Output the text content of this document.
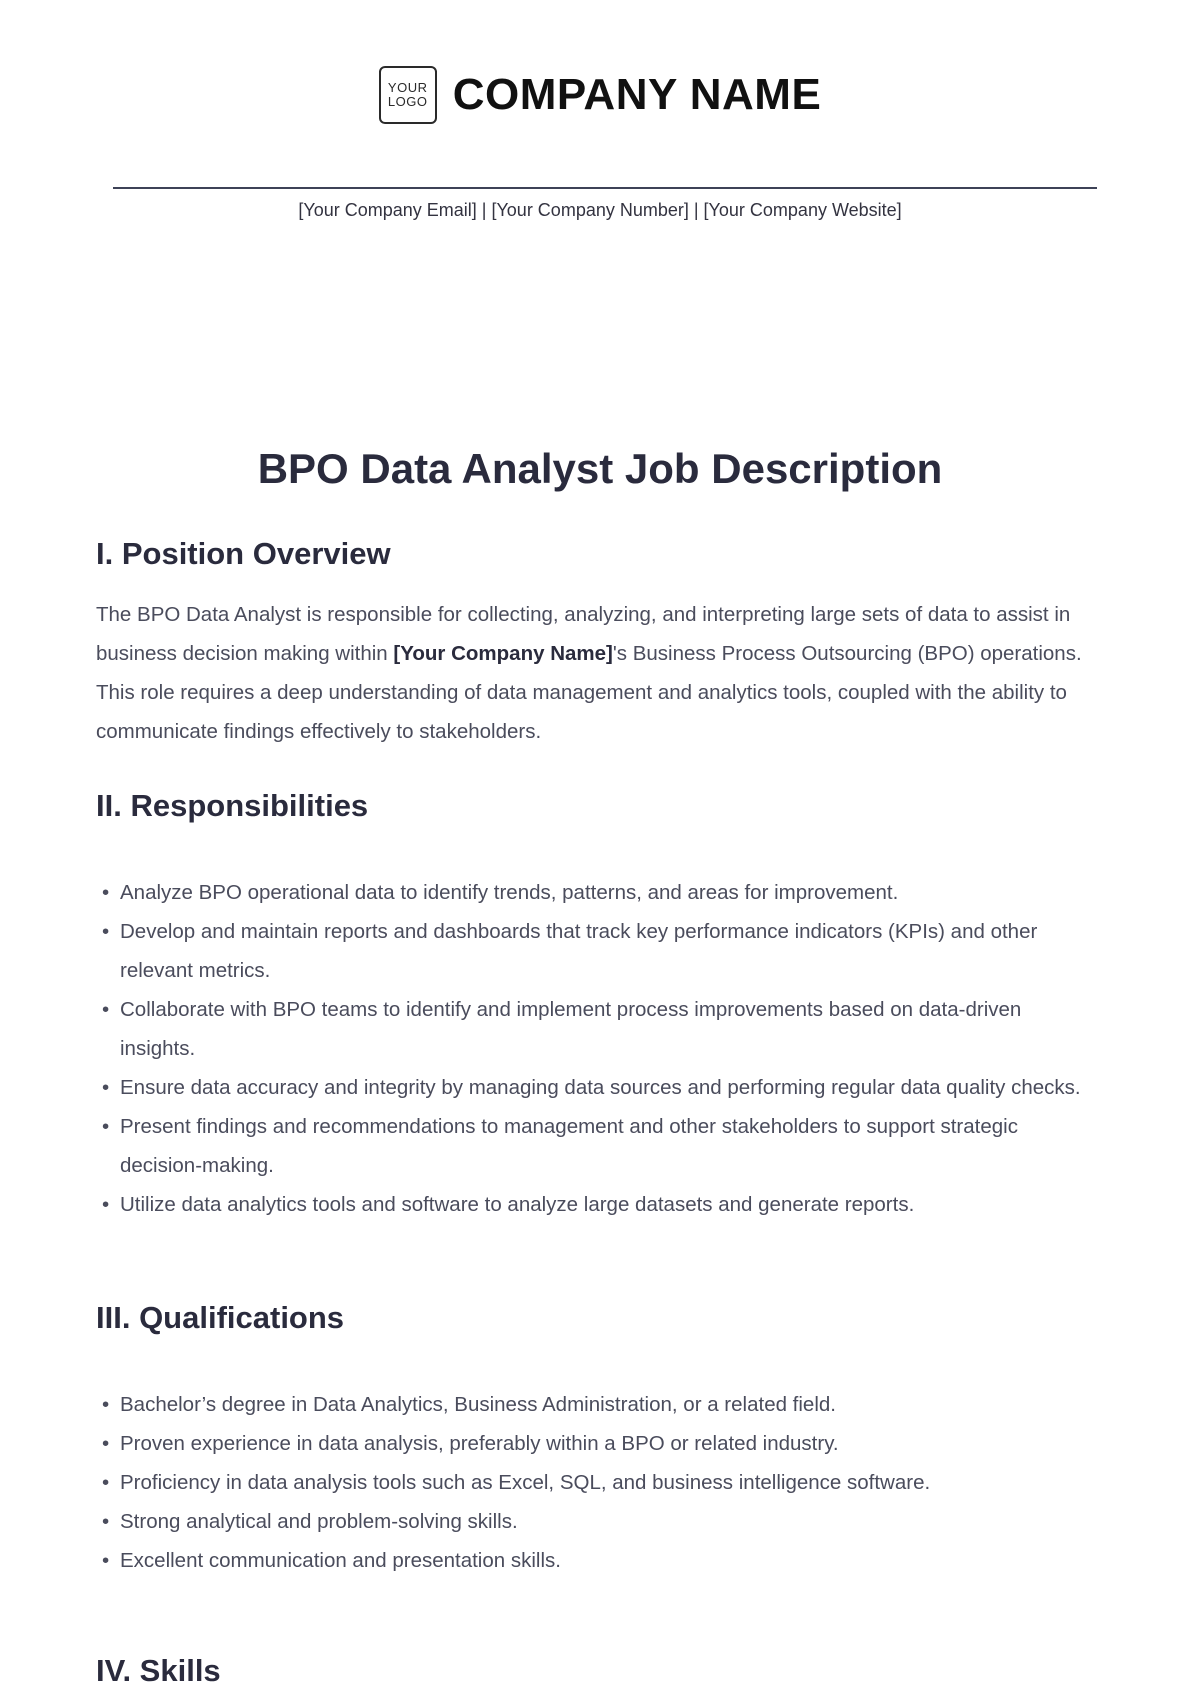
YOUR
LOGO COMPANY NAME
[Your Company Email] | [Your Company Number] | [Your Company Website]
BPO Data Analyst Job Description
I. Position Overview

The BPO Data Analyst is responsible for collecting, analyzing, and interpreting large sets of data to assist in business decision making within [Your Company Name]'s Business Process Outsourcing (BPO) operations. This role requires a deep understanding of data management and analytics tools, coupled with the ability to communicate findings effectively to stakeholders.

II. Responsibilities
• Analyze BPO operational data to identify trends, patterns, and areas for improvement.
• Develop and maintain reports and dashboards that track key performance indicators (KPIs) and other relevant metrics.
• Collaborate with BPO teams to identify and implement process improvements based on data-driven insights.
• Ensure data accuracy and integrity by managing data sources and performing regular data quality checks.
• Present findings and recommendations to management and other stakeholders to support strategic decision-making.
• Utilize data analytics tools and software to analyze large datasets and generate reports.
III. Qualifications
• Bachelor’s degree in Data Analytics, Business Administration, or a related field.
• Proven experience in data analysis, preferably within a BPO or related industry.
• Proficiency in data analysis tools such as Excel, SQL, and business intelligence software.
• Strong analytical and problem-solving skills.
• Excellent communication and presentation skills.
IV. Skills
